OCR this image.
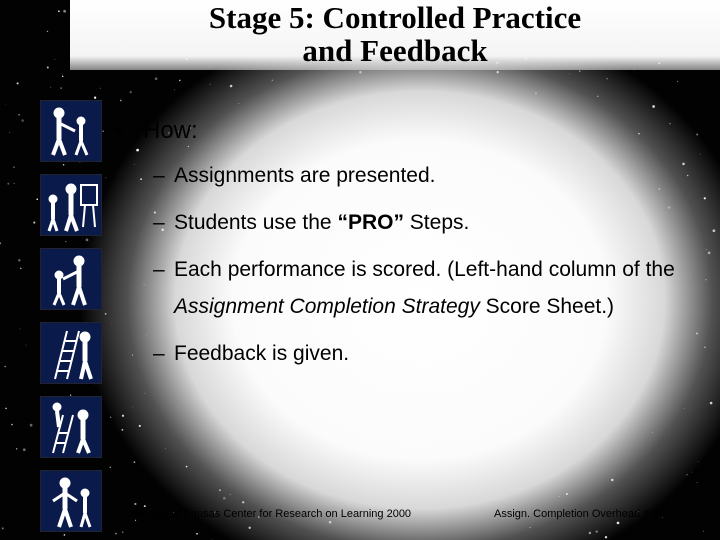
Stage 5: Controlled Practice
and Feedback
• How:
– Assignments are presented.
– Students use the “PRO” Steps.
– Each performance is scored. (Left-hand column of the Assignment Completion Strategy Score Sheet.)
– Feedback is given.
University of Kansas Center for Research on Learning 2000	Assign. Completion Overhead # 86
